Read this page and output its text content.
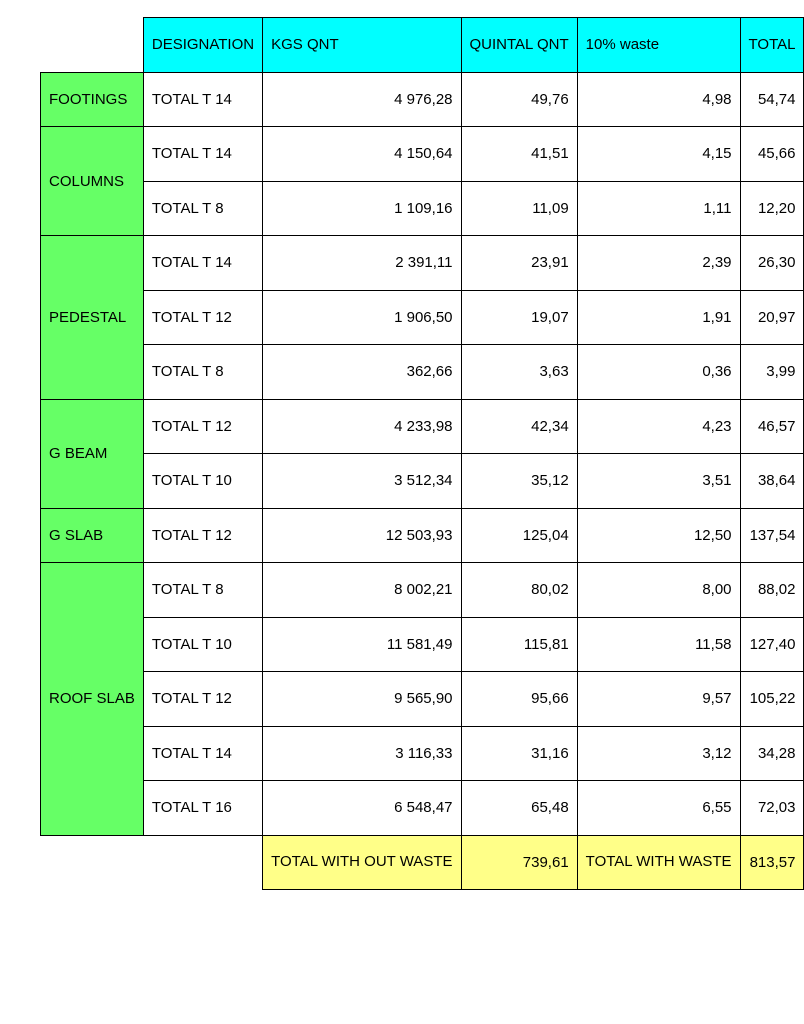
	DESIGNATION	KGS QNT	QUINTAL QNT	10% waste	TOTAL
FOOTINGS	TOTAL T 14	4 976,28	49,76	4,98	54,74
COLUMNS	TOTAL T 14	4 150,64	41,51	4,15	45,66
	TOTAL T 8	1 109,16	11,09	1,11	12,20
PEDESTAL	TOTAL T 14	2 391,11	23,91	2,39	26,30
	TOTAL T 12	1 906,50	19,07	1,91	20,97
	TOTAL T 8	362,66	3,63	0,36	3,99
G BEAM	TOTAL T 12	4 233,98	42,34	4,23	46,57
	TOTAL T 10	3 512,34	35,12	3,51	38,64
G SLAB	TOTAL T 12	12 503,93	125,04	12,50	137,54
ROOF SLAB	TOTAL T 8	8 002,21	80,02	8,00	88,02
	TOTAL T 10	11 581,49	115,81	11,58	127,40
	TOTAL T 12	9 565,90	95,66	9,57	105,22
	TOTAL T 14	3 116,33	31,16	3,12	34,28
	TOTAL T 16	6 548,47	65,48	6,55	72,03
		TOTAL WITH OUT WASTE	739,61	TOTAL WITH WASTE	813,57
